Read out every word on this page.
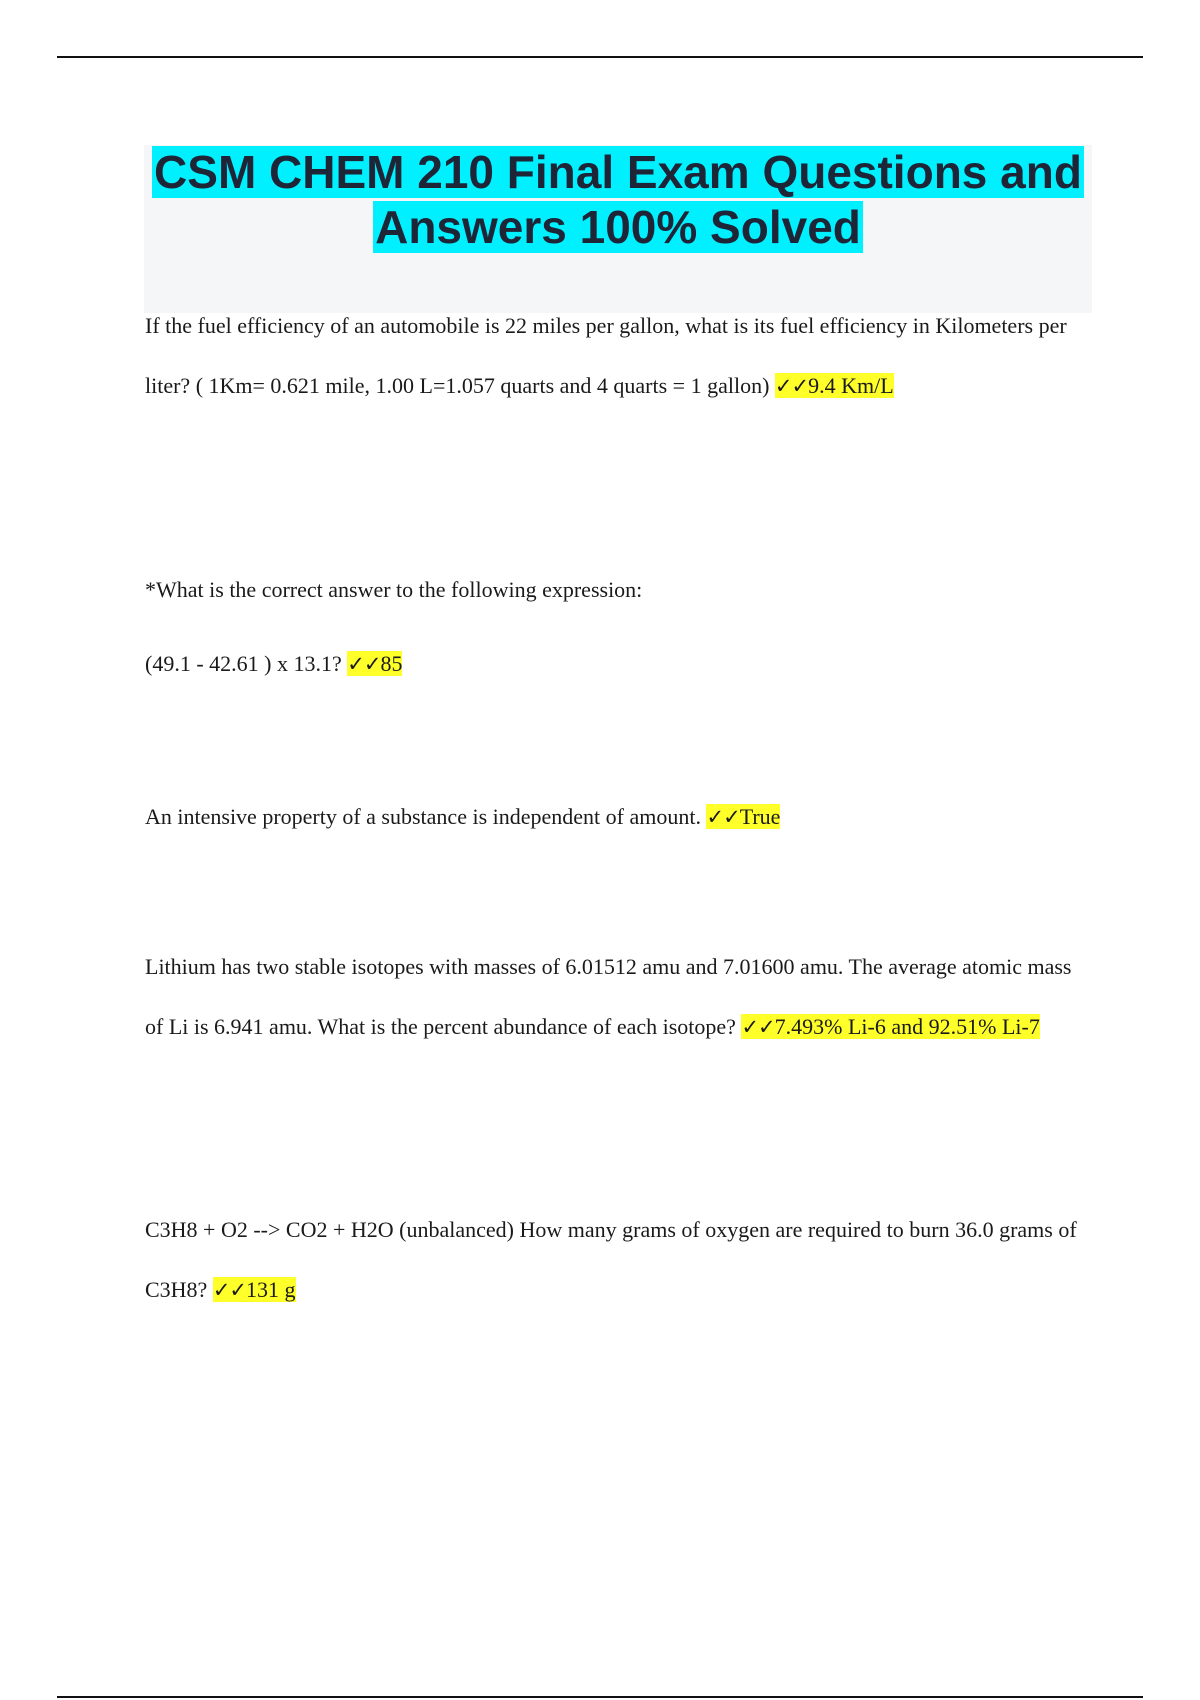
CSM CHEM 210 Final Exam Questions and Answers 100% Solved
If the fuel efficiency of an automobile is 22 miles per gallon, what is its fuel efficiency in Kilometers per liter? ( 1Km= 0.621 mile, 1.00 L=1.057 quarts and 4 quarts = 1 gallon) ✓✓9.4 Km/L
*What is the correct answer to the following expression:
(49.1 - 42.61 ) x 13.1? ✓✓85
An intensive property of a substance is independent of amount. ✓✓True
Lithium has two stable isotopes with masses of 6.01512 amu and 7.01600 amu. The average atomic mass of Li is 6.941 amu. What is the percent abundance of each isotope? ✓✓7.493% Li-6 and 92.51% Li-7
C3H8 + O2 --> CO2 + H2O (unbalanced) How many grams of oxygen are required to burn 36.0 grams of C3H8? ✓✓131 g
